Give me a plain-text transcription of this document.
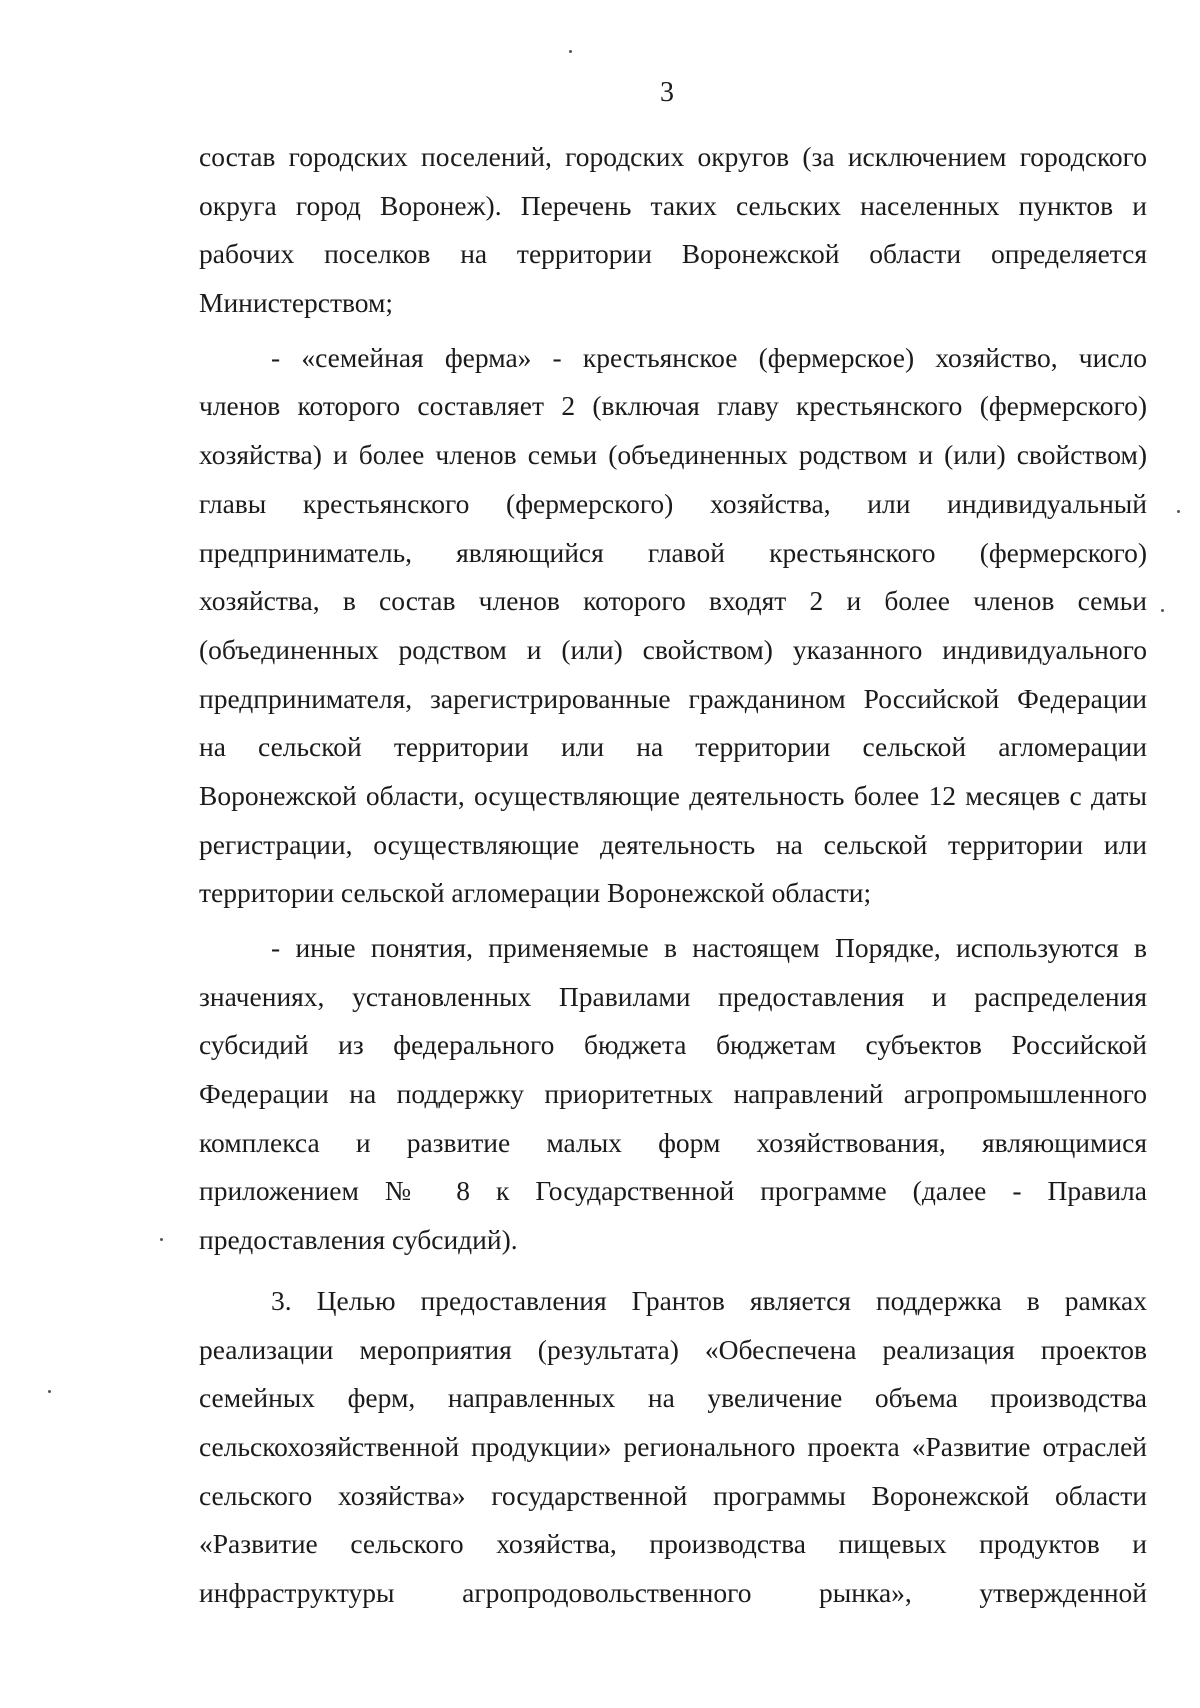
3
состав городских поселений, городских округов (за исключением городского
округа город Воронеж). Перечень таких сельских населенных пунктов и
рабочих поселков на территории Воронежской области определяется
Министерством;
- «семейная ферма» - крестьянское (фермерское) хозяйство, число
членов которого составляет 2 (включая главу крестьянского (фермерского)
хозяйства) и более членов семьи (объединенных родством и (или) свойством)
главы крестьянского (фермерского) хозяйства, или индивидуальный
предприниматель, являющийся главой крестьянского (фермерского)
хозяйства, в состав членов которого входят 2 и более членов семьи
(объединенных родством и (или) свойством) указанного индивидуального
предпринимателя, зарегистрированные гражданином Российской Федерации
на сельской территории или на территории сельской агломерации
Воронежской области, осуществляющие деятельность более 12 месяцев с даты
регистрации, осуществляющие деятельность на сельской территории или
территории сельской агломерации Воронежской области;
- иные понятия, применяемые в настоящем Порядке, используются в
значениях, установленных Правилами предоставления и распределения
субсидий из федерального бюджета бюджетам субъектов Российской
Федерации на поддержку приоритетных направлений агропромышленного
комплекса и развитие малых форм хозяйствования, являющимися
приложением № 8 к Государственной программе (далее - Правила
предоставления субсидий).
3. Целью предоставления Грантов является поддержка в рамках
реализации мероприятия (результата) «Обеспечена реализация проектов
семейных ферм, направленных на увеличение объема производства
сельскохозяйственной продукции» регионального проекта «Развитие отраслей
сельского хозяйства» государственной программы Воронежской области
«Развитие сельского хозяйства, производства пищевых продуктов и
инфраструктуры агропродовольственного рынка», утвержденной
